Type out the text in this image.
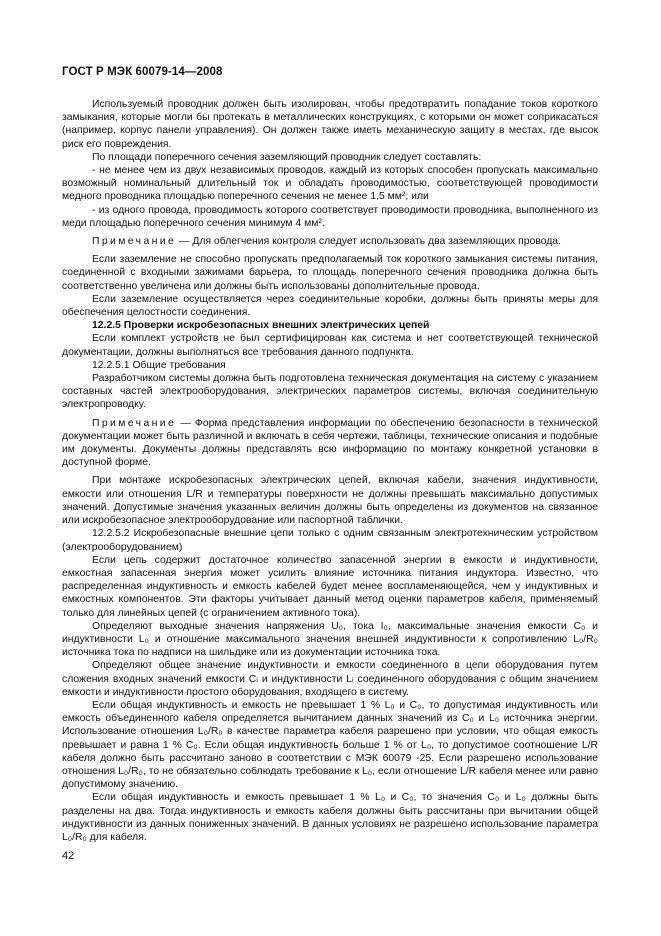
ГОСТ Р МЭК 60079-14—2008

Используемый проводник должен быть изолирован, чтобы предотвратить попадание токов короткого замыкания, которые могли бы протекать в металлических конструкциях, с которыми он может соприкасаться (например, корпус панели управления). Он должен также иметь механическую защиту в местах, где высок риск его повреждения.

По площади поперечного сечения заземляющий проводник следует составлять:

- не менее чем из двух независимых проводов, каждый из которых способен пропускать максимально возможный номинальный длительный ток и обладать проводимостью, соответствующей проводимости медного проводника площадью поперечного сечения не менее 1,5 мм²; или

- из одного провода, проводимость которого соответствует проводимости проводника, выполненного из меди площадью поперечного сечения минимум 4 мм².

Примечание — Для облегчения контроля следует использовать два заземляющих провода.

Если заземление не способно пропускать предполагаемый ток короткого замыкания системы питания, соединенной с входными зажимами барьера, то площадь поперечного сечения проводника должна быть соответственно увеличена или должны быть использованы дополнительные провода.

Если заземление осуществляется через соединительные коробки, должны быть приняты меры для обеспечения целостности соединения.

12.2.5 Проверки искробезопасных внешних электрических цепей

Если комплект устройств не был сертифицирован как система и нет соответствующей технической документации, должны выполняться все требования данного подпункта.

12.2.5.1 Общие требования

Разработчиком системы должна быть подготовлена техническая документация на систему с указанием составных частей электрооборудования, электрических параметров системы, включая соединительную электропроводку.

Примечание — Форма представления информации по обеспечению безопасности в технической документации может быть различной и включать в себя чертежи, таблицы, технические описания и подобные им документы. Документы должны представлять всю информацию по монтажу конкретной установки в доступной форме.

При монтаже искробезопасных электрических цепей, включая кабели, значения индуктивности, емкости или отношения L/R и температуры поверхности не должны превышать максимально допустимых значений. Допустимые значения указанных величин должны быть определены из документов на связанное или искробезопасное электрооборудование или паспортной таблички.

12.2.5.2 Искробезопасные внешние цепи только с одним связанным электротехническим устройством (электрооборудованием)

Если цепь содержит достаточное количество запасенной энергии в емкости и индуктивности, емкостная запасенная энергия может усилить влияние источника питания индуктора. Известно, что распределенная индуктивность и емкость кабелей будет менее воспламеняющейся, чем у индуктивных и емкостных компонентов. Эти факторы учитывает данный метод оценки параметров кабеля, применяемый только для линейных цепей (с ограничением активного тока).

Определяют выходные значения напряжения U₀, тока I₀, максимальные значения емкости C₀ и индуктивности L₀ и отношение максимального значения внешней индуктивности к сопротивлению L₀/R₀ источника тока по надписи на шильдике или из документации источника тока.

Определяют общее значение индуктивности и емкости соединенного в цепи оборудования путем сложения входных значений емкости Cᵢ и индуктивности Lᵢ соединенного оборудования с общим значением емкости и индуктивности простого оборудования, входящего в систему.

Если общая индуктивность и емкость не превышает 1 % L₀ и C₀, то допустимая индуктивность или емкость объединенного кабеля определяется вычитанием данных значений из C₀ и L₀ источника энергии. Использование отношения L₀/R₀ в качестве параметра кабеля разрешено при условии, что общая емкость превышает и равна 1 % C₀. Если общая индуктивность больше 1 % от L₀, то допустимое соотношение L/R кабеля должно быть рассчитано заново в соответствии с МЭК 60079 -25. Если разрешено использование отношения L₀/R₀, то не обязательно соблюдать требование к L₀, если отношение L/R кабеля менее или равно допустимому значению.

Если общая индуктивность и емкость превышает 1 % L₀ и C₀, то значения C₀ и L₀ должны быть разделены на два. Тогда индуктивность и емкость кабеля должны быть рассчитаны при вычитании общей индуктивности из данных пониженных значений. В данных условиях не разрешено использование параметра L₀/R₀ для кабеля.

42
